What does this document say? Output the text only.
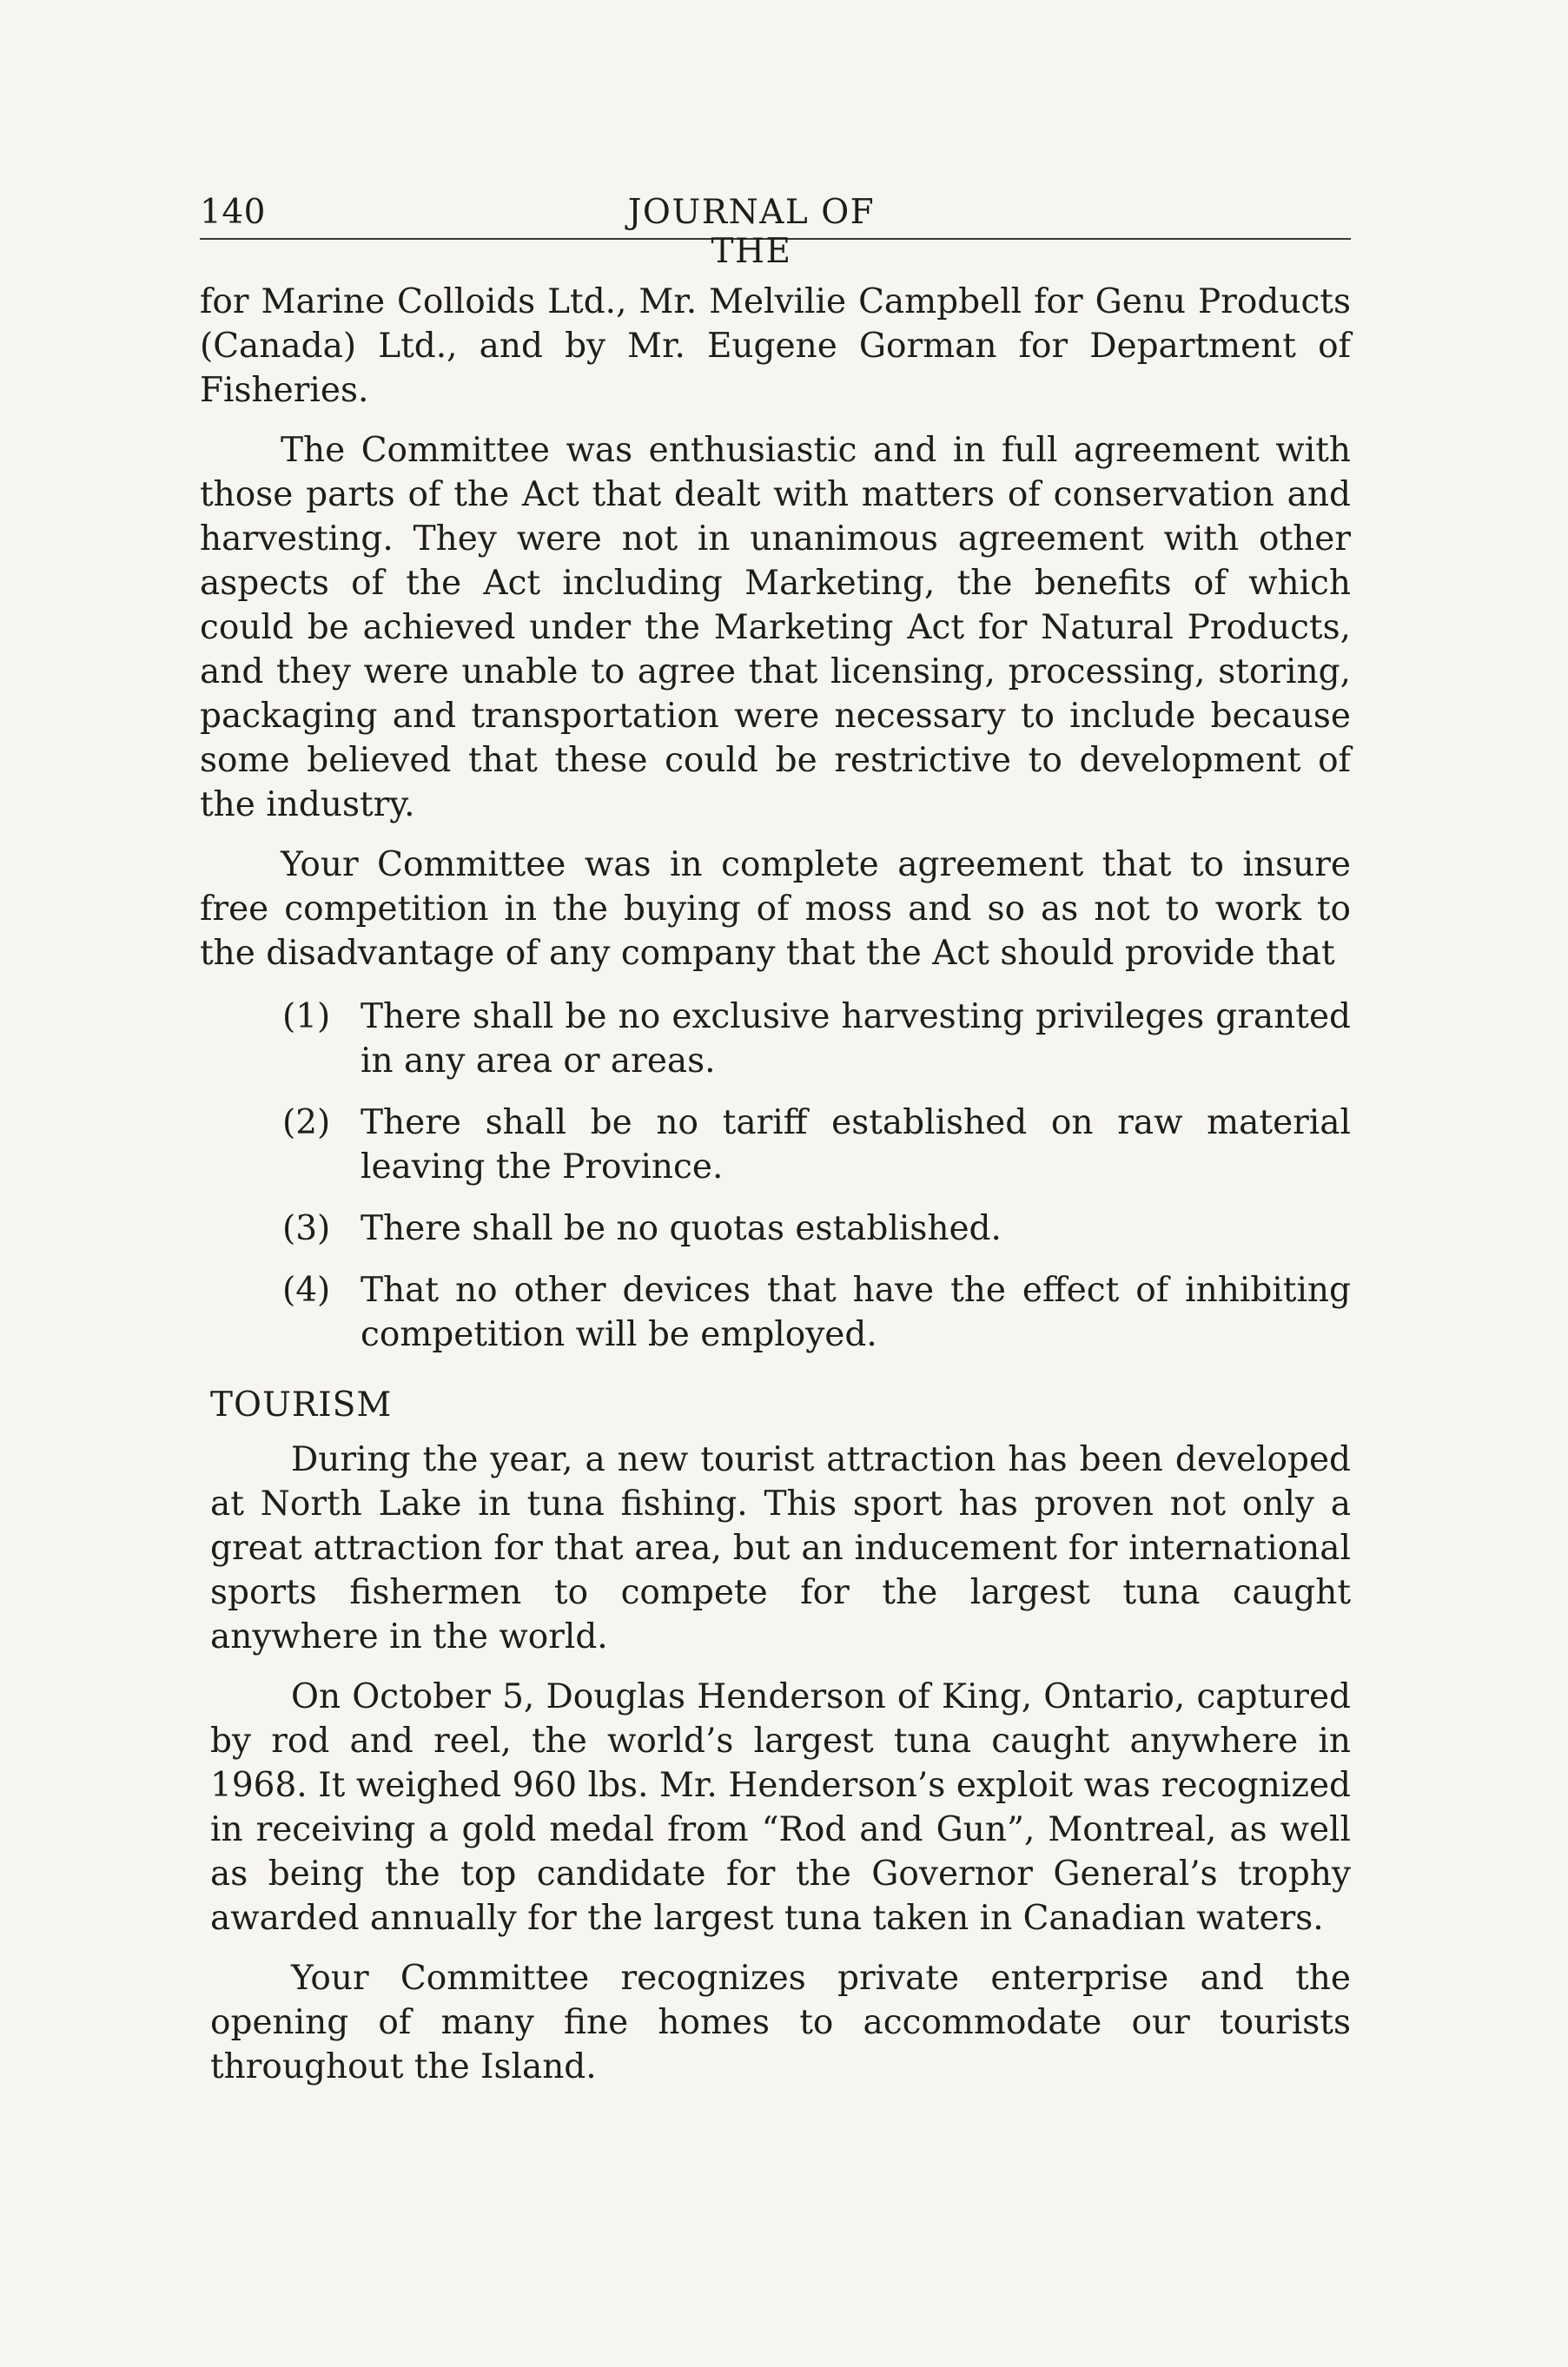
140	JOURNAL OF THE

for Marine Colloids Ltd., Mr. Melvilie Campbell for Genu Products (Canada) Ltd., and by Mr. Eugene Gorman for Department of Fisheries.

The Committee was enthusiastic and in full agreement with those parts of the Act that dealt with matters of conservation and harvesting. They were not in unanimous agreement with other aspects of the Act including Marketing, the benefits of which could be achieved under the Marketing Act for Natural Products, and they were unable to agree that licensing, processing, storing, packaging and transportation were necessary to include because some believed that these could be restrictive to development of the industry.

Your Committee was in complete agreement that to insure free competition in the buying of moss and so as not to work to the disadvantage of any company that the Act should provide that

(1) There shall be no exclusive harvesting privileges granted in any area or areas.
(2) There shall be no tariff established on raw material leaving the Province.
(3) There shall be no quotas established.
(4) That no other devices that have the effect of inhibiting competition will be employed.
TOURISM

During the year, a new tourist attraction has been developed at North Lake in tuna fishing. This sport has proven not only a great attraction for that area, but an inducement for international sports fishermen to compete for the largest tuna caught anywhere in the world.

On October 5, Douglas Henderson of King, Ontario, captured by rod and reel, the world’s largest tuna caught anywhere in 1968. It weighed 960 lbs. Mr. Henderson’s exploit was recognized in receiving a gold medal from “Rod and Gun”, Montreal, as well as being the top candidate for the Governor General’s trophy awarded annually for the largest tuna taken in Canadian waters.

Your Committee recognizes private enterprise and the opening of many fine homes to accommodate our tourists throughout the Island.
